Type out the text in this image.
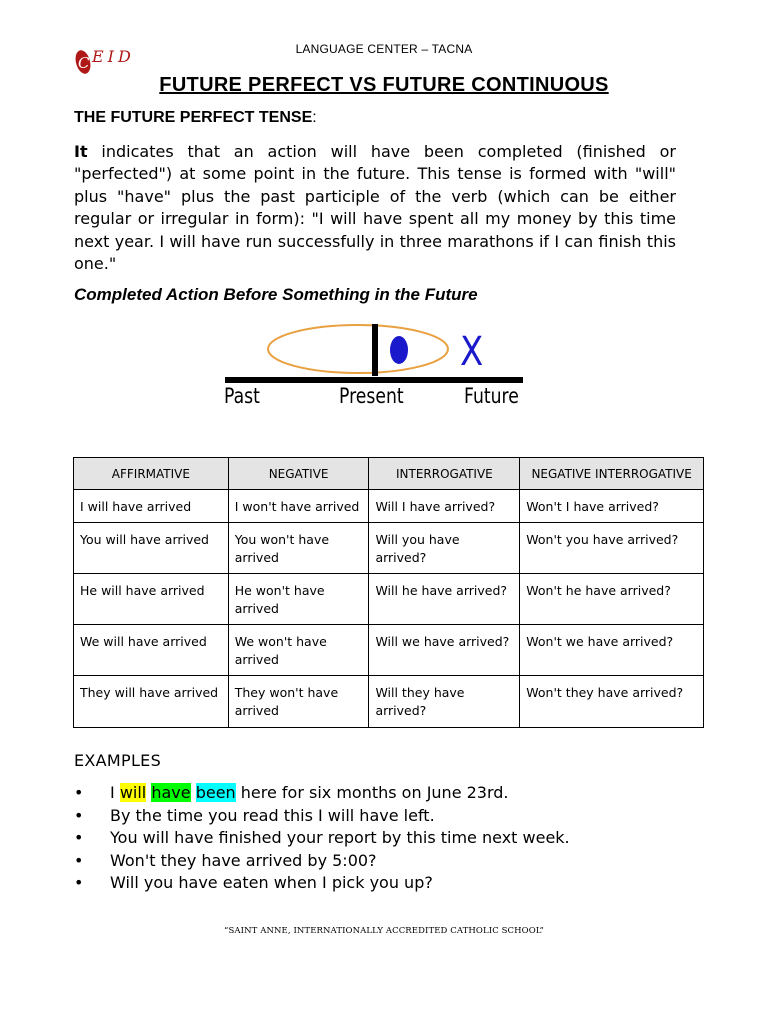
C EID	LANGUAGE CENTER – TACNA
FUTURE PERFECT VS FUTURE CONTINUOUS
THE FUTURE PERFECT TENSE:
It indicates that an action will have been completed (finished or "perfected") at some point in the future. This tense is formed with "will" plus "have" plus the past participle of the verb (which can be either regular or irregular in form): "I will have spent all my money by this time next year. I will have run successfully in three marathons if I can finish this one."
Completed Action Before Something in the Future
X
Past	Present	Future
AFFIRMATIVE	NEGATIVE	INTERROGATIVE	NEGATIVE INTERROGATIVE
I will have arrived	I won't have arrived	Will I have arrived?	Won't I have arrived?
You will have arrived	You won't have arrived	Will you have arrived?	Won't you have arrived?
He will have arrived	He won't have arrived	Will he have arrived?	Won't he have arrived?
We will have arrived	We won't have arrived	Will we have arrived?	Won't we have arrived?
They will have arrived	They won't have arrived	Will they have arrived?	Won't they have arrived?
EXAMPLES
• I will have been here for six months on June 23rd.
• By the time you read this I will have left.
• You will have finished your report by this time next week.
• Won't they have arrived by 5:00?
• Will you have eaten when I pick you up?
“SAINT ANNE, INTERNATIONALLY ACCREDITED CATHOLIC SCHOOL”
